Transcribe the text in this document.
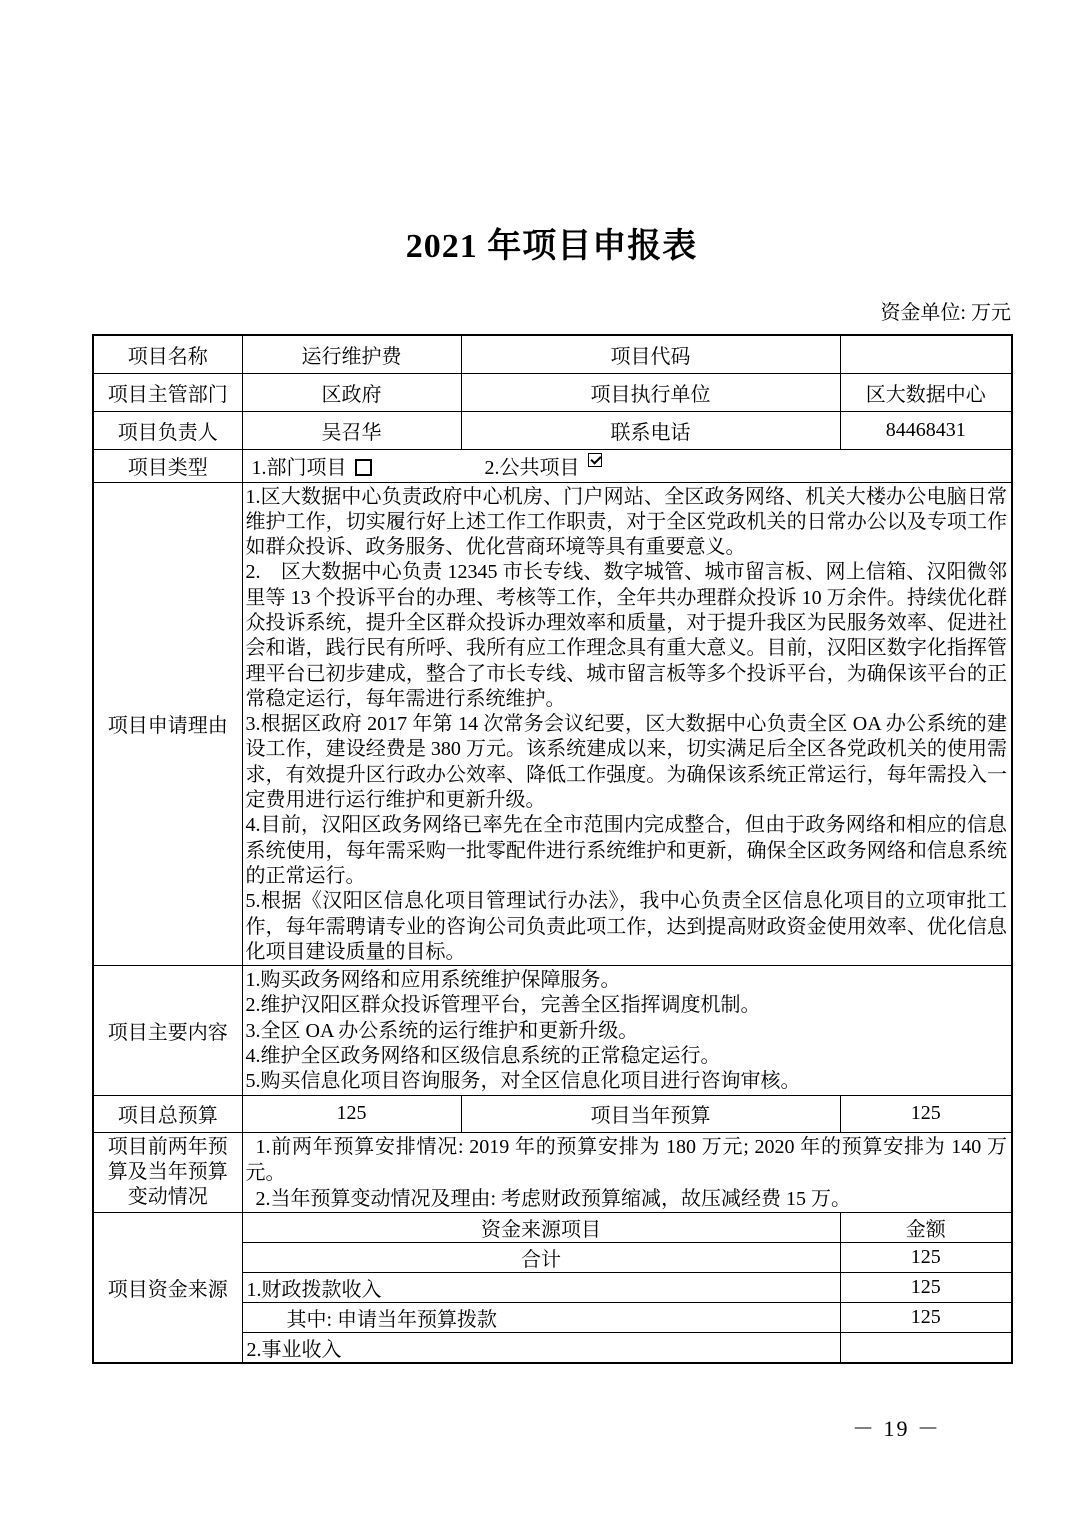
2021 年项目申报表
资金单位: 万元
项目名称	运行维护费	项目代码	
项目主管部门	区政府	项目执行单位	区大数据中心
项目负责人	吴召华	联系电话	84468431
项目类型	1.部门项目 2.公共项目		
项目申请理由	1.区大数据中心负责政府中心机房、门户网站、全区政务网络、机关大楼办公电脑日常维护工作，切实履行好上述工作工作职责，对于全区党政机关的日常办公以及专项工作如群众投诉、政务服务、优化营商环境等具有重要意义。

2.　区大数据中心负责 12345 市长专线、数字城管、城市留言板、网上信箱、汉阳微邻里等 13 个投诉平台的办理、考核等工作，全年共办理群众投诉 10 万余件。持续优化群众投诉系统，提升全区群众投诉办理效率和质量，对于提升我区为民服务效率、促进社会和谐，践行民有所呼、我所有应工作理念具有重大意义。目前，汉阳区数字化指挥管理平台已初步建成，整合了市长专线、城市留言板等多个投诉平台，为确保该平台的正常稳定运行，每年需进行系统维护。

3.根据区政府 2017 年第 14 次常务会议纪要，区大数据中心负责全区 OA 办公系统的建设工作，建设经费是 380 万元。该系统建成以来，切实满足后全区各党政机关的使用需求，有效提升区行政办公效率、降低工作强度。为确保该系统正常运行，每年需投入一定费用进行运行维护和更新升级。

4.目前，汉阳区政务网络已率先在全市范围内完成整合，但由于政务网络和相应的信息系统使用，每年需采购一批零配件进行系统维护和更新，确保全区政务网络和信息系统的正常运行。

5.根据《汉阳区信息化项目管理试行办法》，我中心负责全区信息化项目的立项审批工作，每年需聘请专业的咨询公司负责此项工作，达到提高财政资金使用效率、优化信息化项目建设质量的目标。		

项目主要内容	1.购买政务网络和应用系统维护保障服务。

2.维护汉阳区群众投诉管理平台，完善全区指挥调度机制。

3.全区 OA 办公系统的运行维护和更新升级。

4.维护全区政务网络和区级信息系统的正常稳定运行。

5.购买信息化项目咨询服务，对全区信息化项目进行咨询审核。		

项目总预算	125	项目当年预算	125
项目前两年预算及当年预算变动情况	1.前两年预算安排情况: 2019 年的预算安排为 180 万元; 2020 年的预算安排为 140 万元。

2.当年预算变动情况及理由: 考虑财政预算缩减，故压减经费 15 万。		

项目资金来源	资金来源项目		金额
	合计		125
	1.财政拨款收入		125
	其中: 申请当年预算拨款		125
	2.事业收入		
－ 19 －
